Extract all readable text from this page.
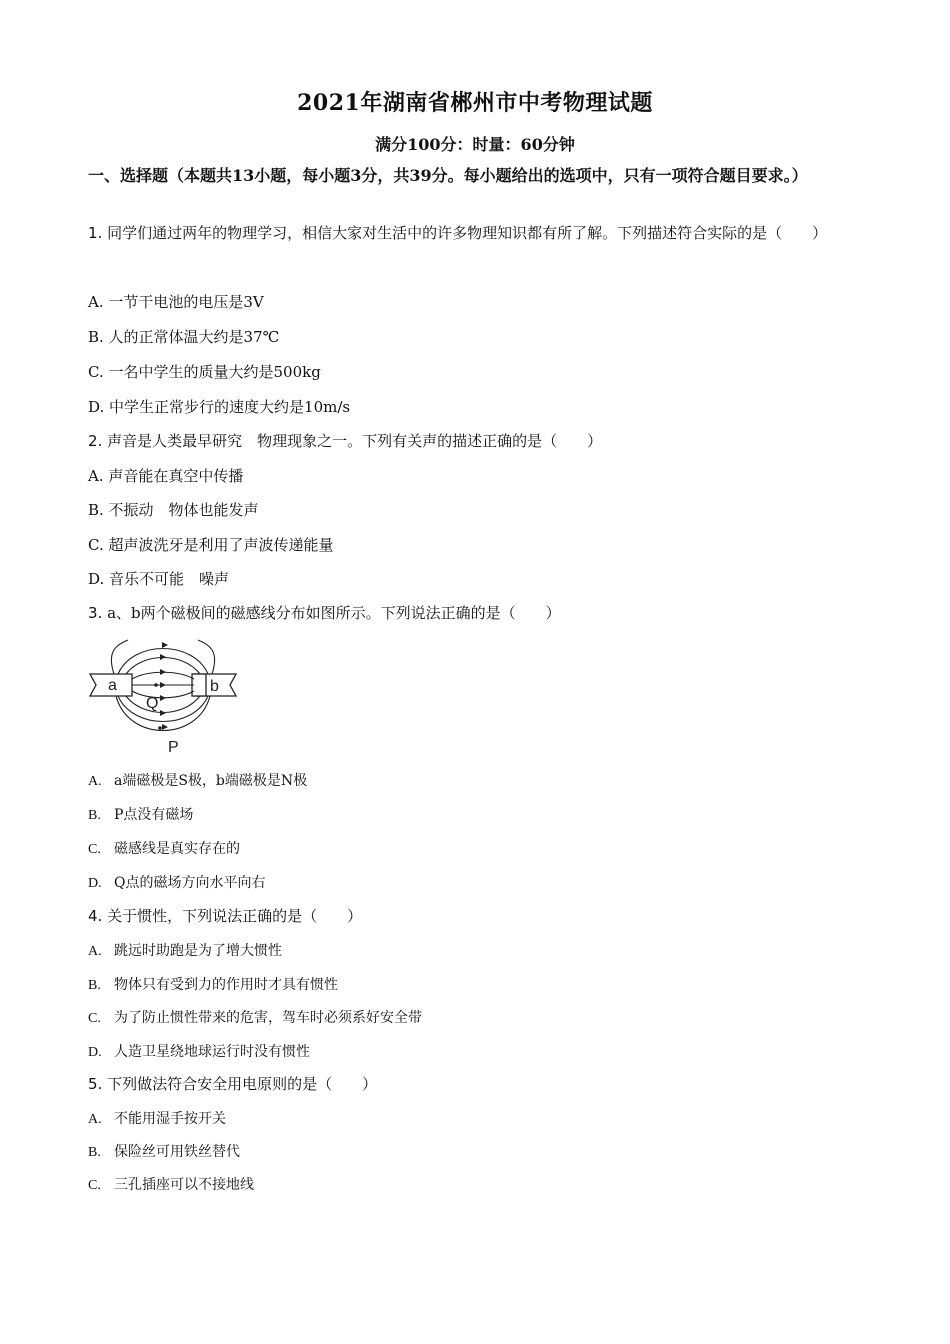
2021年湖南省郴州市中考物理试题
满分100分：时量：60分钟
一、选择题（本题共13小题，每小题3分，共39分。每小题给出的选项中，只有一项符合题目要求。）
1. 同学们通过两年的物理学习，相信大家对生活中的许多物理知识都有所了解。下列描述符合实际的是（　　）
A. 一节干电池的电压是3V
B. 人的正常体温大约是37℃
C. 一名中学生的质量大约是500kg
D. 中学生正常步行的速度大约是10m/s
2. 声音是人类最早研究　物理现象之一。下列有关声的描述正确的是（　　）
A. 声音能在真空中传播
B. 不振动　物体也能发声
C. 超声波洗牙是利用了声波传递能量
D. 音乐不可能　噪声
3. a、b两个磁极间的磁感线分布如图所示。下列说法正确的是（　　）
a	b
Q
P
A. a端磁极是S极，b端磁极是N极
B. P点没有磁场
C. 磁感线是真实存在的
D. Q点的磁场方向水平向右
4. 关于惯性，下列说法正确的是（　　）
A. 跳远时助跑是为了增大惯性
B. 物体只有受到力的作用时才具有惯性
C. 为了防止惯性带来的危害，驾车时必须系好安全带
D. 人造卫星绕地球运行时没有惯性
5. 下列做法符合安全用电原则的是（　　）
A. 不能用湿手按开关
B. 保险丝可用铁丝替代
C. 三孔插座可以不接地线
